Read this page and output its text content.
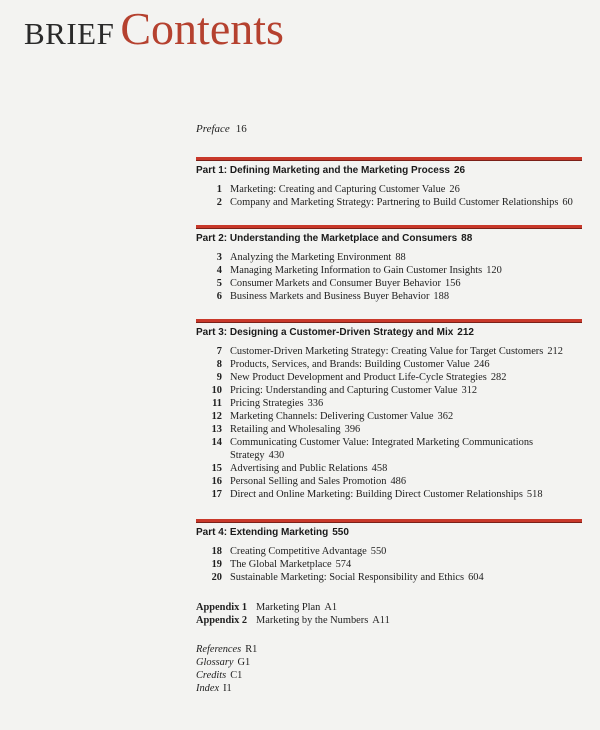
BRIEF Contents
Preface 16
Part 1: Defining Marketing and the Marketing Process 26
1 Marketing: Creating and Capturing Customer Value 26
2 Company and Marketing Strategy: Partnering to Build Customer Relationships 60
Part 2: Understanding the Marketplace and Consumers 88
3 Analyzing the Marketing Environment 88
4 Managing Marketing Information to Gain Customer Insights 120
5 Consumer Markets and Consumer Buyer Behavior 156
6 Business Markets and Business Buyer Behavior 188
Part 3: Designing a Customer-Driven Strategy and Mix 212
7 Customer-Driven Marketing Strategy: Creating Value for Target Customers 212
8 Products, Services, and Brands: Building Customer Value 246
9 New Product Development and Product Life-Cycle Strategies 282
10 Pricing: Understanding and Capturing Customer Value 312
11 Pricing Strategies 336
12 Marketing Channels: Delivering Customer Value 362
13 Retailing and Wholesaling 396
14 Communicating Customer Value: Integrated Marketing Communications Strategy 430
15 Advertising and Public Relations 458
16 Personal Selling and Sales Promotion 486
17 Direct and Online Marketing: Building Direct Customer Relationships 518
Part 4: Extending Marketing 550
18 Creating Competitive Advantage 550
19 The Global Marketplace 574
20 Sustainable Marketing: Social Responsibility and Ethics 604
Appendix 1 Marketing Plan A1
Appendix 2 Marketing by the Numbers A11
References R1
Glossary G1
Credits C1
Index I1
